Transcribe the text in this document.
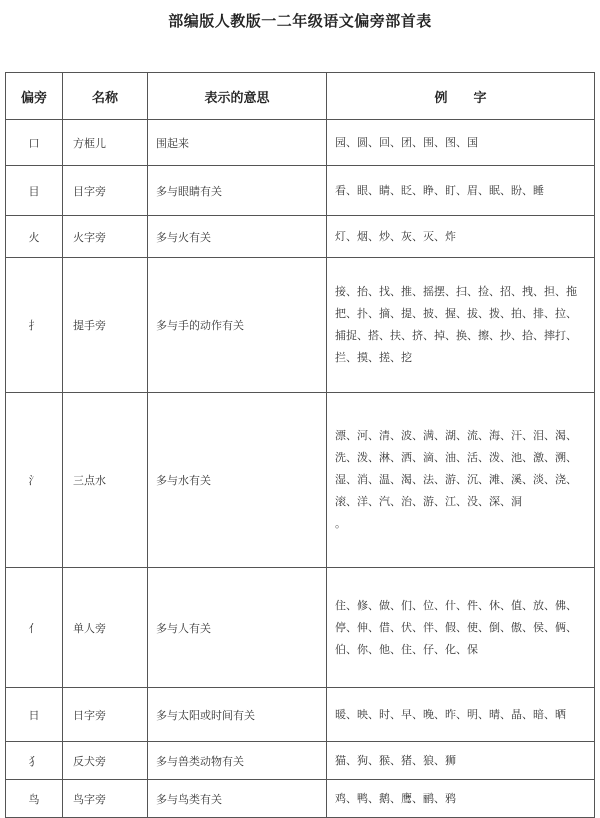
部编版人教版一二年级语文偏旁部首表
偏旁	名称	表示的意思	例　　字
口	方框儿	围起来	园、圆、回、团、围、图、国
目	目字旁	多与眼睛有关	看、眼、睛、眨、睁、盯、眉、眠、盼、睡
火	火字旁	多与火有关	灯、烟、炒、灰、灭、炸
扌	提手旁	多与手的动作有关	接、抬、找、推、摇摆、扫、捡、招、拽、担、拖把、扑、摘、提、披、握、拔、拨、拍、排、拉、捕捉、搭、扶、挤、掉、换、擦、抄、拾、摔打、拦、摸、搓、挖
氵	三点水	多与水有关	漂、河、清、波、满、湖、流、海、汗、泪、渴、洗、泼、淋、洒、滴、油、活、泼、池、激、溯、湿、消、温、渴、法、游、沉、滩、溪、淡、浇、滚、洋、汽、治、游、江、没、深、洞
。

亻	单人旁	多与人有关	住、修、做、们、位、什、件、休、值、放、佛、停、伸、借、伏、伴、假、使、倒、傲、侯、俩、伯、你、他、住、仔、化、保
日	日字旁	多与太阳或时间有关	暖、映、时、早、晚、昨、明、晴、晶、暗、晒
犭	反犬旁	多与兽类动物有关	猫、狗、猴、猪、狼、狮
鸟	鸟字旁	多与鸟类有关	鸡、鸭、鹅、鹰、鹂、鸦
